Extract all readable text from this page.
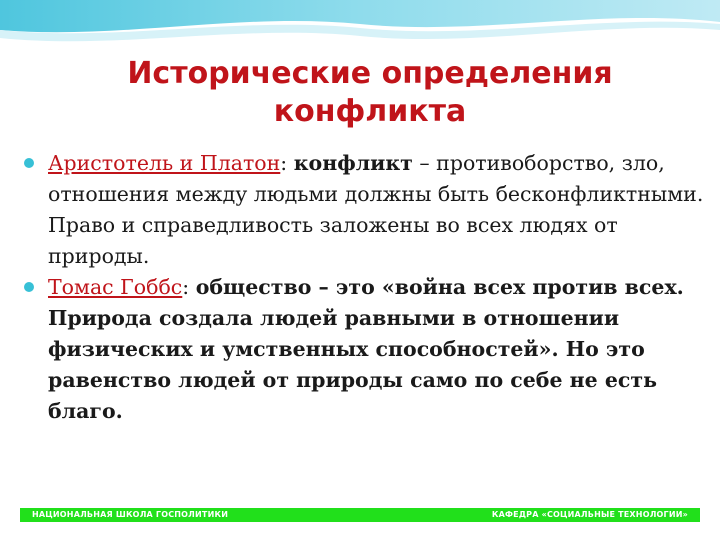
Исторические определения
конфликта

Аристотель и Платон: конфликт – противоборство, зло, отношения между людьми должны быть бесконфликтными. Право и справедливость заложены во всех людях от природы.

Томас Гоббс: общество – это «война всех против всех. Природа создала людей равными в отношении физических и умственных способностей». Но это равенство людей от природы само по себе не есть благо.

НАЦИОНАЛЬНАЯ ШКОЛА ГОСПОЛИТИКИ	КАФЕДРА «СОЦИАЛЬНЫЕ ТЕХНОЛОГИИ»
